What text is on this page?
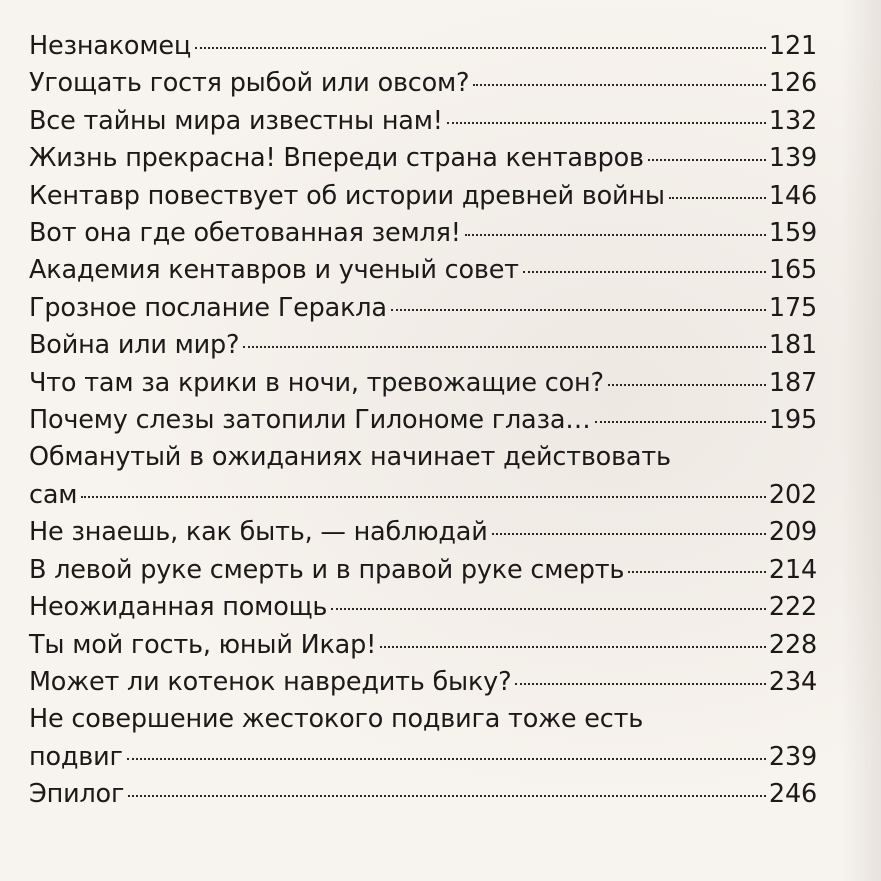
Незнакомец	121
Угощать гостя рыбой или овсом?	126
Все тайны мира известны нам!	132
Жизнь прекрасна! Впереди страна кентавров	139
Кентавр повествует об истории древней войны	146
Вот она где обетованная земля!	159
Академия кентавров и ученый совет	165
Грозное послание Геракла	175
Война или мир?	181
Что там за крики в ночи, тревожащие сон?	187
Почему слезы затопили Гилономе глаза…	195
Обманутый в ожиданиях начинает действовать
сам	202
Не знаешь, как быть, — наблюдай	209
В левой руке смерть и в правой руке смерть	214
Неожиданная помощь	222
Ты мой гость, юный Икар!	228
Может ли котенок навредить быку?	234
Не совершение жестокого подвига тоже есть
подвиг	239
Эпилог	246
